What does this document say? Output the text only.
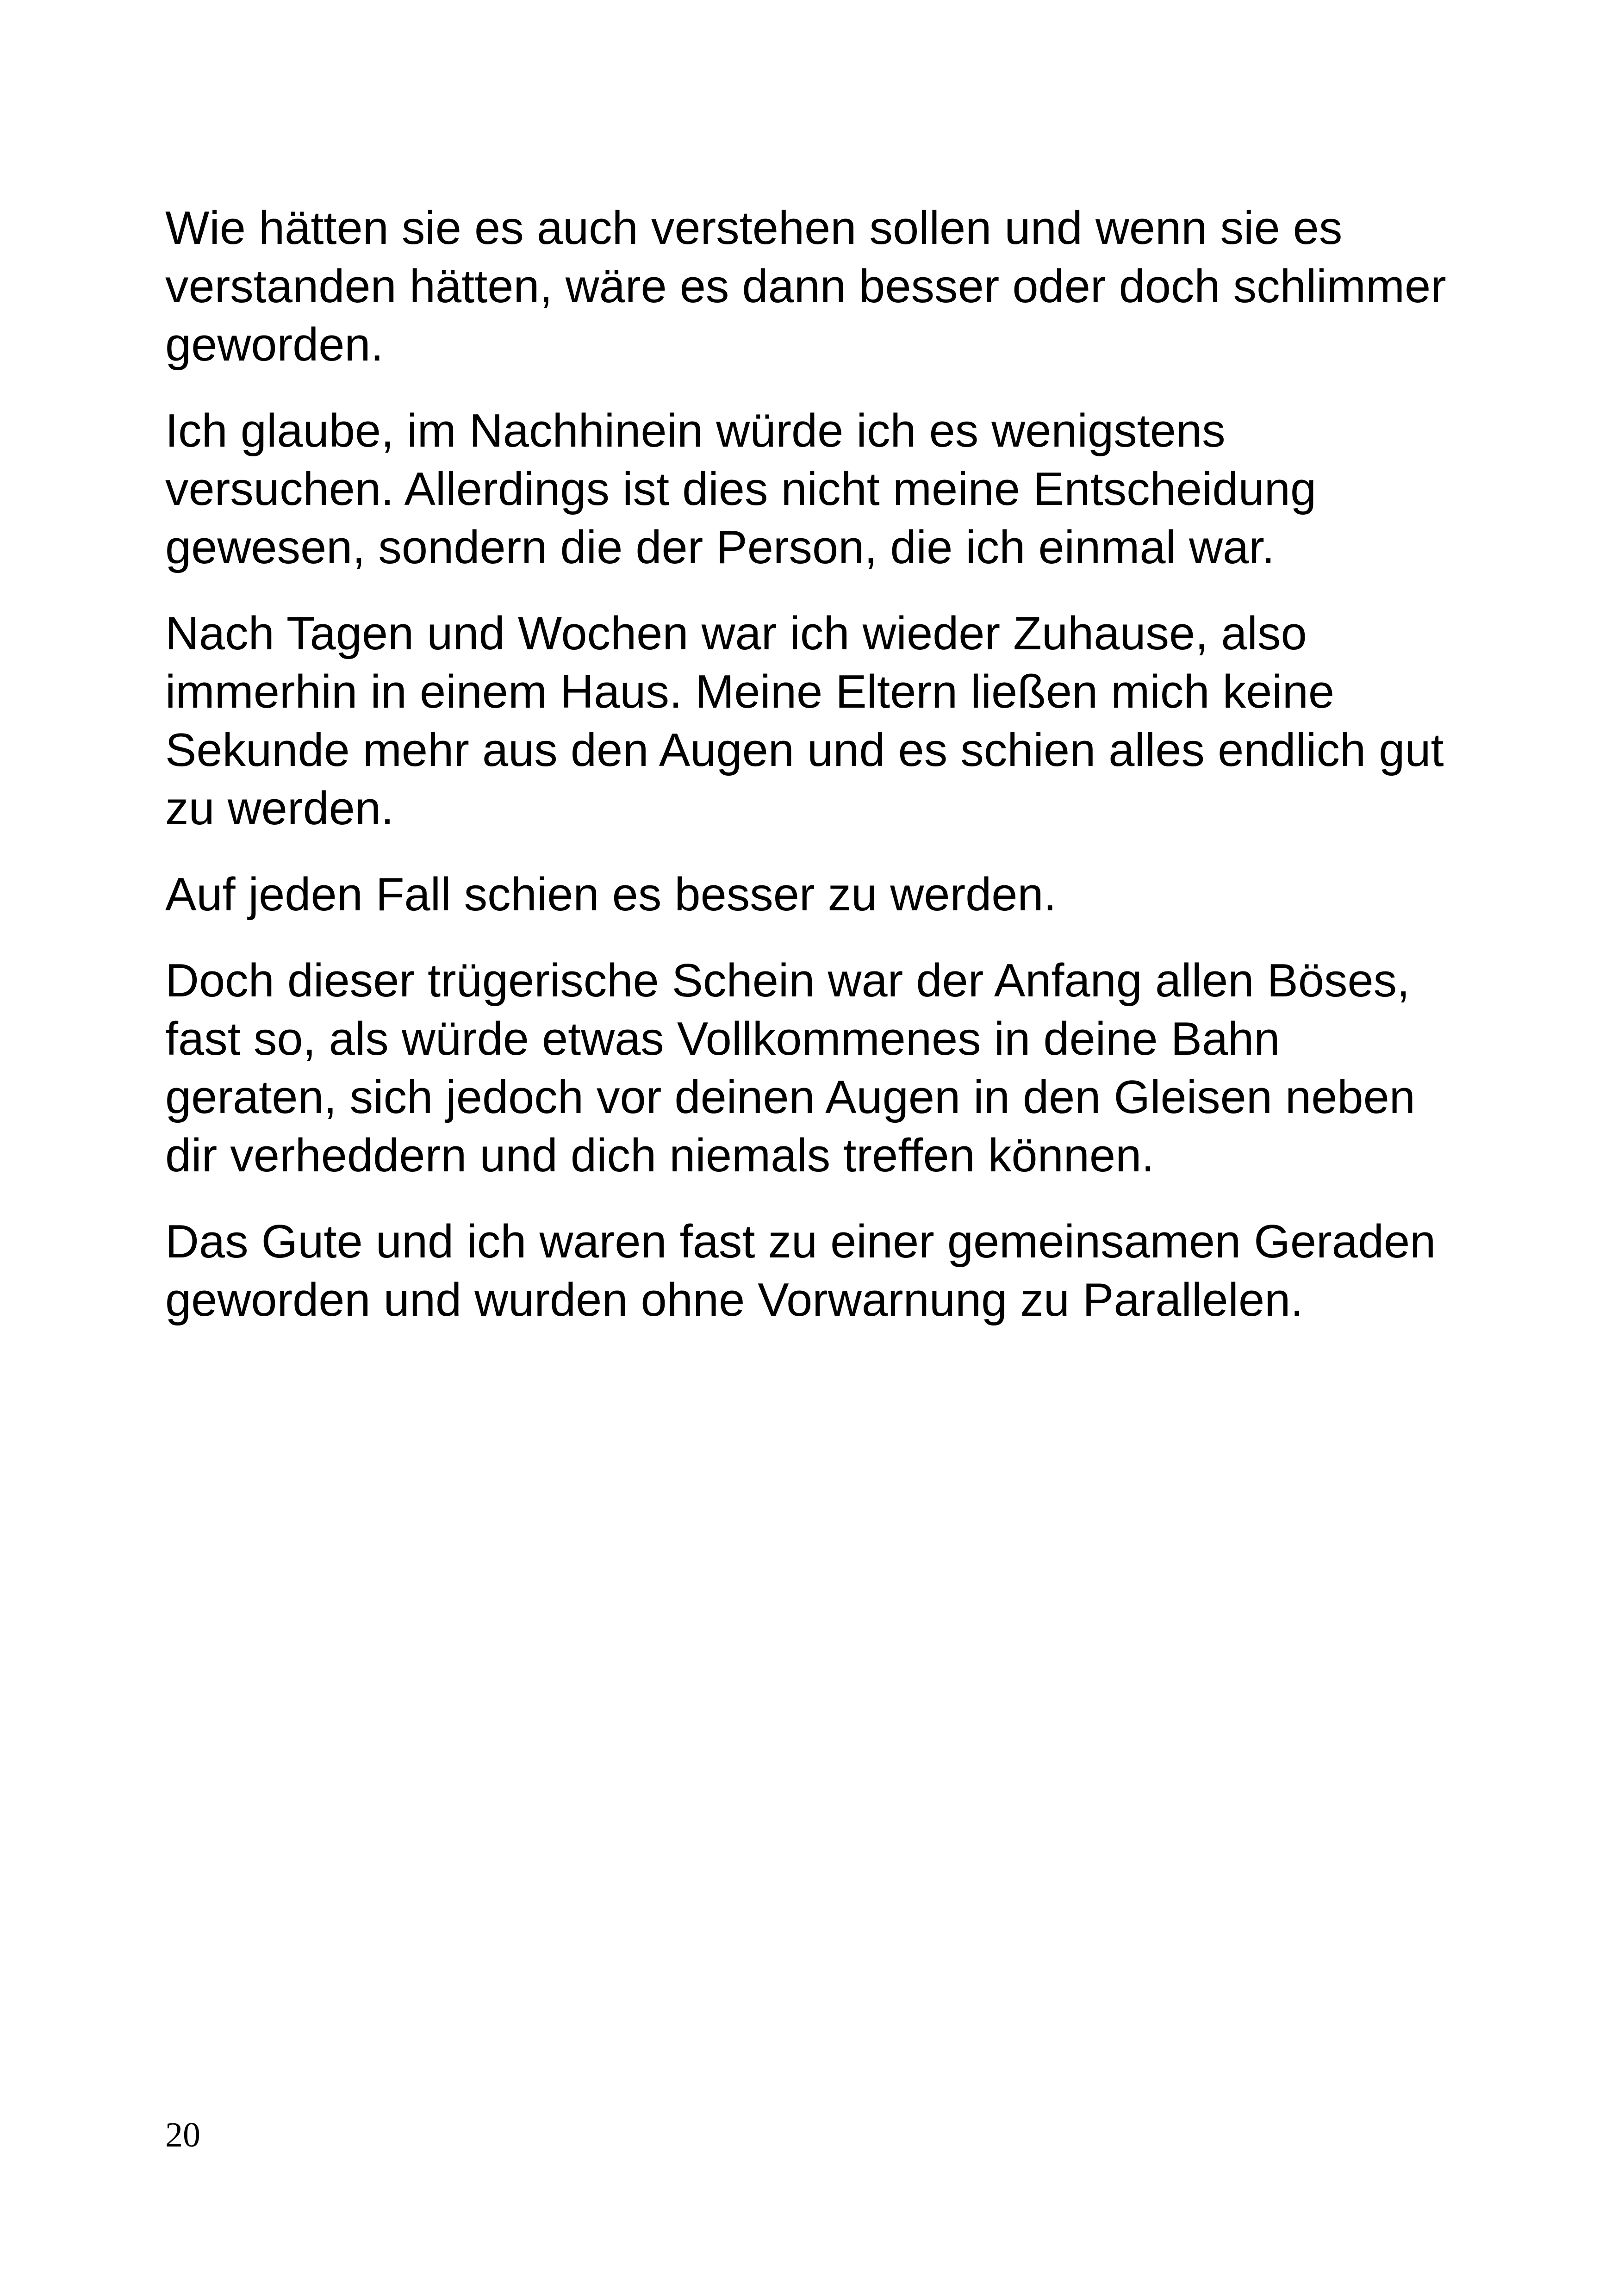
Wie hätten sie es auch verstehen sollen und wenn sie es
verstanden hätten, wäre es dann besser oder doch schlimmer
geworden.

Ich glaube, im Nachhinein würde ich es wenigstens
versuchen. Allerdings ist dies nicht meine Entscheidung
gewesen, sondern die der Person, die ich einmal war.

Nach Tagen und Wochen war ich wieder Zuhause, also
immerhin in einem Haus. Meine Eltern ließen mich keine
Sekunde mehr aus den Augen und es schien alles endlich gut
zu werden.

Auf jeden Fall schien es besser zu werden.

Doch dieser trügerische Schein war der Anfang allen Böses,
fast so, als würde etwas Vollkommenes in deine Bahn
geraten, sich jedoch vor deinen Augen in den Gleisen neben
dir verheddern und dich niemals treffen können.

Das Gute und ich waren fast zu einer gemeinsamen Geraden
geworden und wurden ohne Vorwarnung zu Parallelen.

20
